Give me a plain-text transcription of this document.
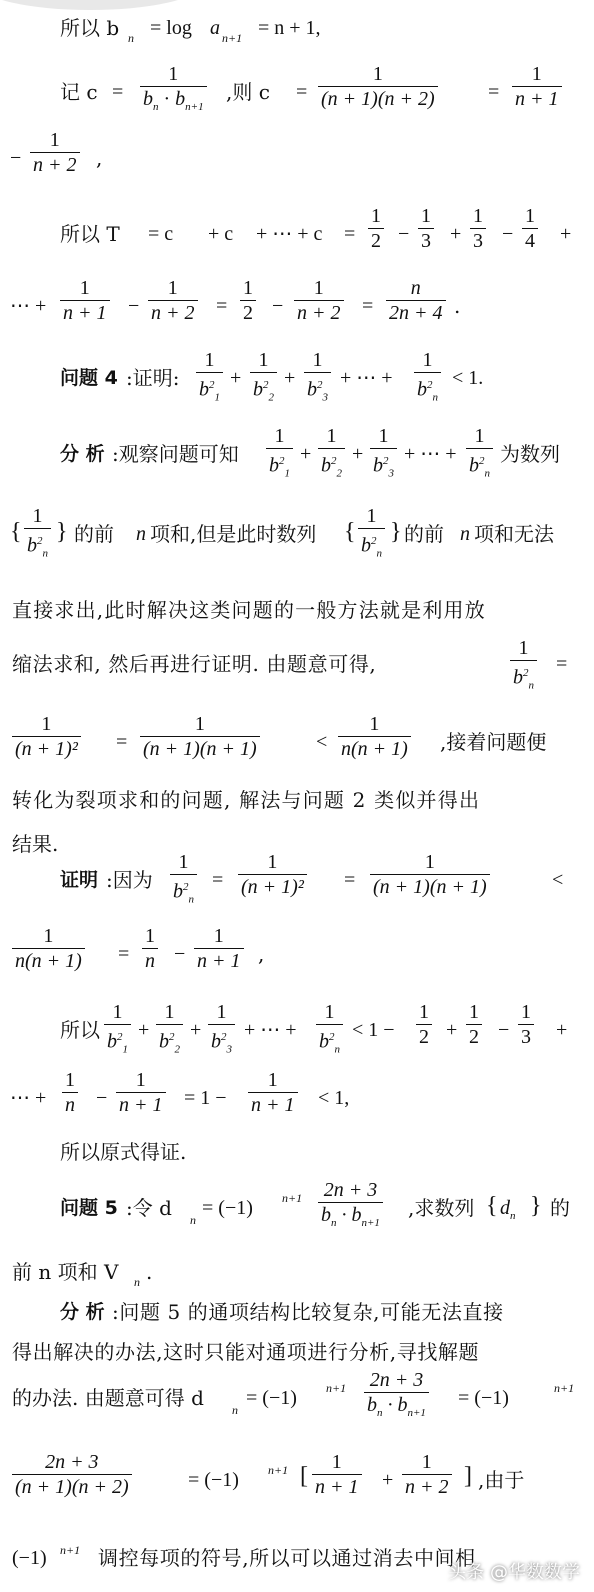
所以 b n = log a n+1 = n + 1,
记 $c = \frac{1}{b_n \cdot b_{n+1}}$ ,则 $c = \frac{1}{(n + 1)(n + 2)}$	= $\frac{1}{n + 1}$
− $\frac{1}{n + 2}$ ,
所以 T = c + c + ⋯ + $c = \frac{1}{2} - \frac{1}{3} + \frac{1}{3} - \frac{1}{4}$ +
⋯ + $\frac{1}{n + 1} - \frac{1}{n + 2} = \frac{1}{2} - \frac{1}{n + 2} = \frac{n}{2n + 4}$ .
问题 4 :证明: $\frac{1}{b^2_1} + \frac{1}{b^2_2} + \frac{1}{b^2_3}$ + ⋯ + $\frac{1}{b^2_n} < 1$.
分 析 :观察问题可知 $\frac{1}{b^2_1} + \frac{1}{b^2_2} + \frac{1}{b^2_3}$ + ⋯ + $\frac{1}{b^2_n}$ 为数列
{ $\frac{1}{b^2_n}$ } 的前 n 项和,但是此时数列 { $\frac{1}{b^2_n}$ } 的前 n 项和无法
直接求出,此时解决这类问题的一般方法就是利用放
缩法求和, 然后再进行证明. 由题意可得,	$\frac{1}{b^2_n}$ =
$\frac{1}{\text{(n + 1)²}} = \frac{1}{(n + 1)(n + 1)}$	< $\frac{1}{n(n + 1)}$ ,接着问题便
转化为裂项求和的问题, 解法与问题 2 类似并得出
结果.
证明 :因为 $\frac{1}{b^2_n} = \frac{1}{\text{(n + 1)²}} = \frac{1}{(n + 1)(n + 1)}$	<
$\frac{1}{n(n + 1)} = \frac{1}{n} - \frac{1}{n + 1}$ ,
所以 $\frac{1}{b^2_1} + \frac{1}{b^2_2} + \frac{1}{b^2_3}$ + ⋯ + $\frac{1}{b^2_n} < 1 - \frac{1}{2} + \frac{1}{2} - \frac{1}{3}$ +
⋯ + $\frac{1}{n} - \frac{1}{n + 1} = 1 - \frac{1}{n + 1} < 1$,
所以原式得证.
问题 5 :令 d n
= (−1) $n+1 \frac{2n + 3}{b_n \cdot b_{n+1}}$ ,求数列 { $d_n$ } 的
前 n 项和 V n .
分 析 :问题 5 的通项结构比较复杂,可能无法直接
得出解决的办法,这时只能对通项进行分析,寻找解题
的办法. 由题意可得 d n
= (−1) $n+1 \frac{2n + 3}{b_n \cdot b_{n+1}} = (-1)$	n+1
$\frac{2n + 3}{(n + 1)(n + 2)}$	= (−1) n+1 [ $\frac{1}{n + 1} + \frac{1}{n + 2}$ ] ,由于
(−1) n+1 调控每项的符号,所以可以通过消去中间相
头条 @华数数学
